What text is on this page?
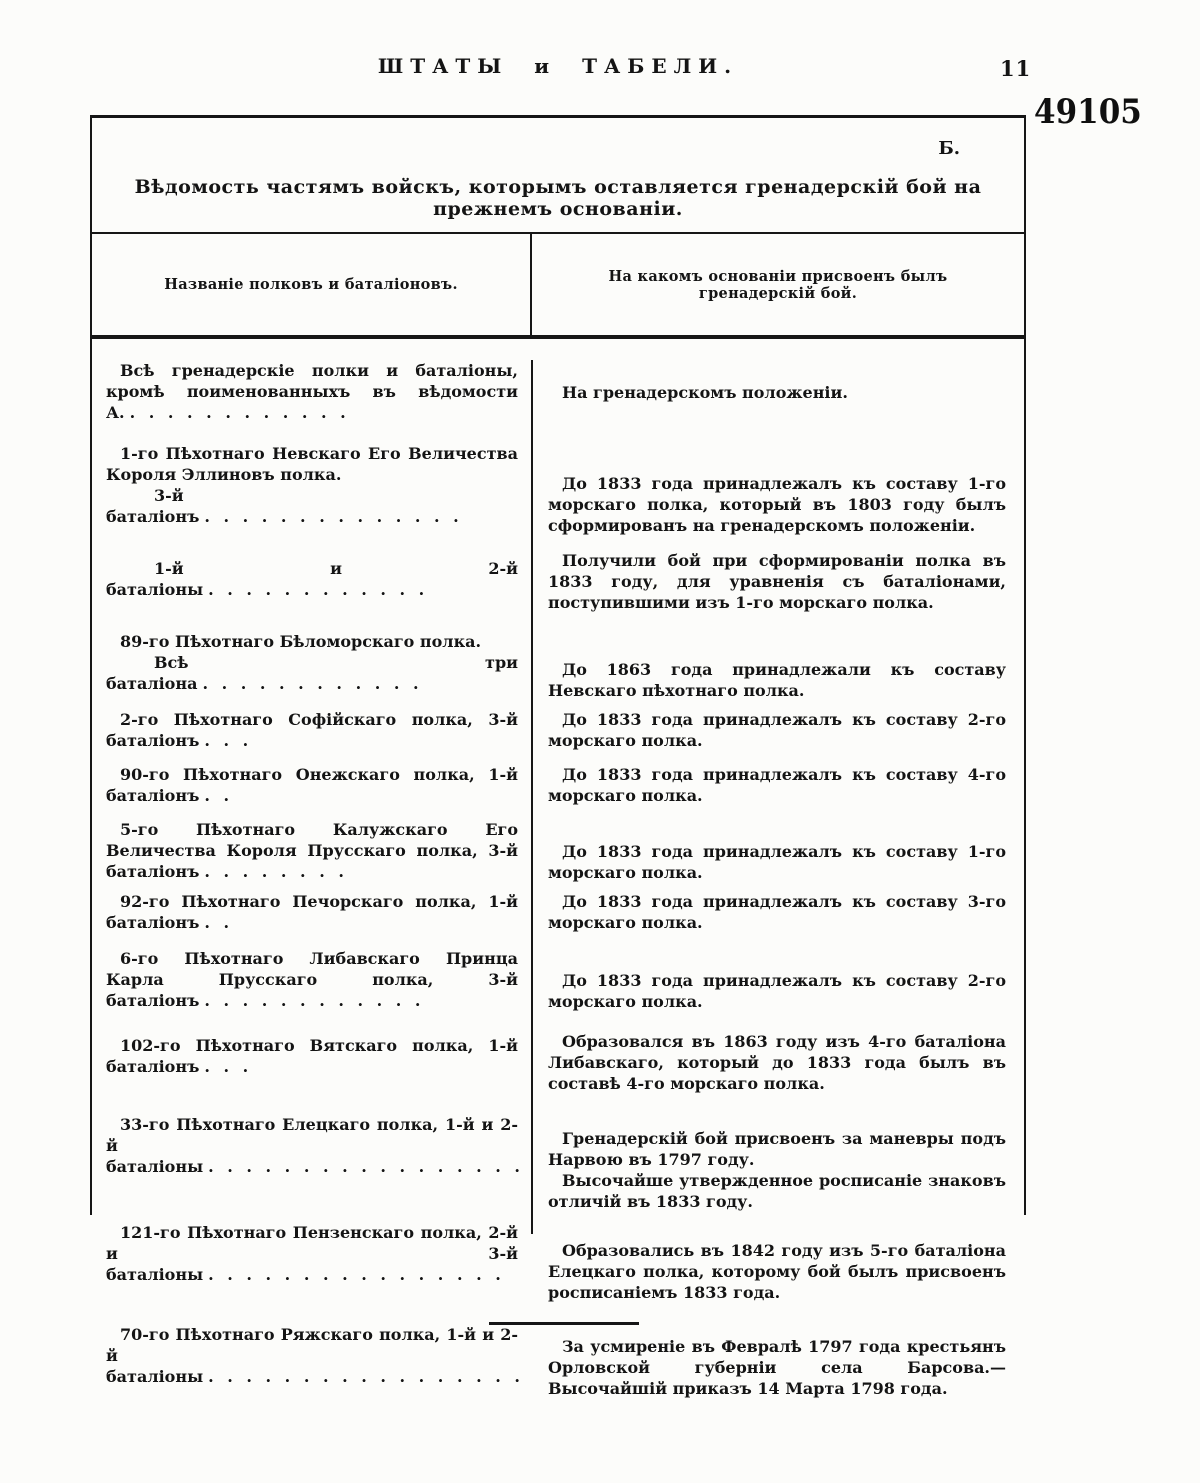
ШТАТЫ и ТАБЕЛИ.	11
49105
Б.
Вѣдомость частямъ войскъ, которымъ оставляется гренадерскій бой на прежнемъ основаніи.
Названіе полковъ и баталіоновъ.	На какомъ основаніи присвоенъ былъ гренадерскій бой.

Всѣ гренадерскіе полки и баталіоны, кромѣ поименованныхъ въ вѣдомости А. . . . . . . . . . . . .

На гренадерскомъ положеніи.

1-го Пѣхотнаго Невскаго Его Величества Короля Эллиновъ полка.

3-й баталіонъ . . . . . . . . . . . . . .

До 1833 года принадлежалъ къ составу 1-го морскаго полка, который въ 1803 году былъ сформированъ на гренадерскомъ положеніи.

1-й и 2-й баталіоны . . . . . . . . . . . .

Получили бой при сформированіи полка въ 1833 году, для уравненія съ баталіонами, поступившими изъ 1-го морскаго полка.

89-го Пѣхотнаго Бѣломорскаго полка.

Всѣ три баталіона . . . . . . . . . . . .

До 1863 года принадлежали къ составу Невскаго пѣхотнаго полка.

2-го Пѣхотнаго Софійскаго полка, 3-й баталіонъ . . .

До 1833 года принадлежалъ къ составу 2-го морскаго полка.

90-го Пѣхотнаго Онежскаго полка, 1-й баталіонъ . .

До 1833 года принадлежалъ къ составу 4-го морскаго полка.

5-го Пѣхотнаго Калужскаго Его Величества Короля Прусскаго полка, 3-й баталіонъ . . . . . . . .

До 1833 года принадлежалъ къ составу 1-го морскаго полка.

92-го Пѣхотнаго Печорскаго полка, 1-й баталіонъ . .

До 1833 года принадлежалъ къ составу 3-го морскаго полка.

6-го Пѣхотнаго Либавскаго Принца Карла Прусскаго полка, 3-й баталіонъ . . . . . . . . . . . .

До 1833 года принадлежалъ къ составу 2-го морскаго полка.

102-го Пѣхотнаго Вятскаго полка, 1-й баталіонъ . . .

Образовался въ 1863 году изъ 4-го баталіона Либавскаго, который до 1833 года былъ въ составѣ 4-го морскаго полка.

33-го Пѣхотнаго Елецкаго полка, 1-й и 2-й баталіоны . . . . . . . . . . . . . . . . .

Гренадерскій бой присвоенъ за маневры подъ Нарвою въ 1797 году.

Высочайше утвержденное росписаніе знаковъ отличій въ 1833 году.

121-го Пѣхотнаго Пензенскаго полка, 2-й и 3-й баталіоны . . . . . . . . . . . . . . . .

Образовались въ 1842 году изъ 5-го баталіона Елецкаго полка, которому бой былъ присвоенъ росписаніемъ 1833 года.

70-го Пѣхотнаго Ряжскаго полка, 1-й и 2-й баталіоны . . . . . . . . . . . . . . . . .

За усмиреніе въ Февралѣ 1797 года крестьянъ Орловской губерніи села Барсова.—Высочайшій приказъ 14 Марта 1798 года.
